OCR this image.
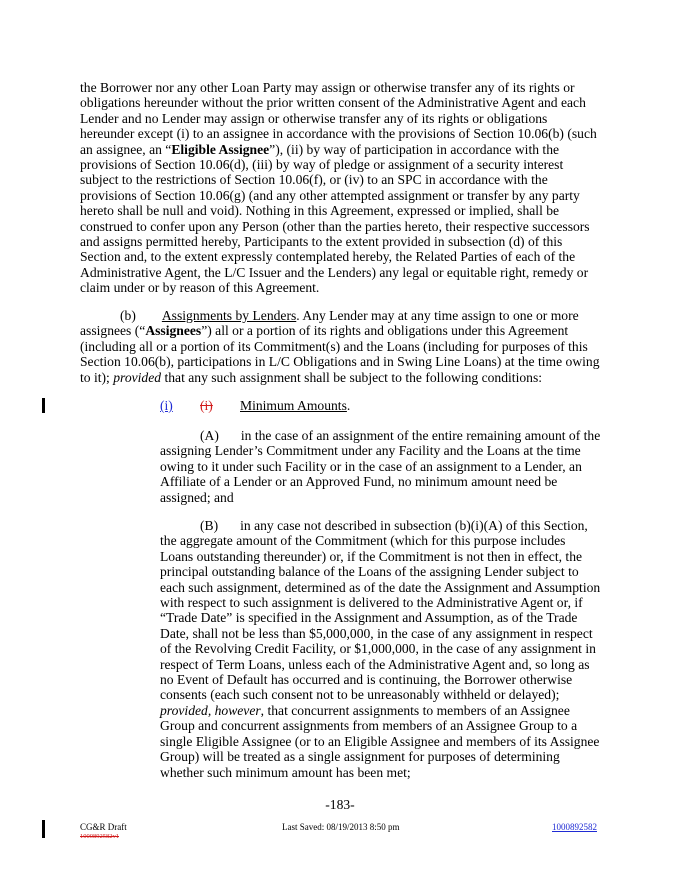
the Borrower nor any other Loan Party may assign or otherwise transfer any of its rights or obligations hereunder without the prior written consent of the Administrative Agent and each Lender and no Lender may assign or otherwise transfer any of its rights or obligations hereunder except (i) to an assignee in accordance with the provisions of Section 10.06(b) (such an assignee, an “Eligible Assignee”), (ii) by way of participation in accordance with the provisions of Section 10.06(d), (iii) by way of pledge or assignment of a security interest subject to the restrictions of Section 10.06(f), or (iv) to an SPC in accordance with the provisions of Section 10.06(g) (and any other attempted assignment or transfer by any party hereto shall be null and void). Nothing in this Agreement, expressed or implied, shall be construed to confer upon any Person (other than the parties hereto, their respective successors and assigns permitted hereby, Participants to the extent provided in subsection (d) of this Section and, to the extent expressly contemplated hereby, the Related Parties of each of the Administrative Agent, the L/C Issuer and the Lenders) any legal or equitable right, remedy or claim under or by reason of this Agreement.

(b) Assignments by Lenders. Any Lender may at any time assign to one or more assignees (“Assignees”) all or a portion of its rights and obligations under this Agreement (including all or a portion of its Commitment(s) and the Loans (including for purposes of this Section 10.06(b), participations in L/C Obligations and in Swing Line Loans) at the time owing to it); provided that any such assignment shall be subject to the following conditions:

(i) (i) Minimum Amounts.

(A) in the case of an assignment of the entire remaining amount of the assigning Lender’s Commitment under any Facility and the Loans at the time owing to it under such Facility or in the case of an assignment to a Lender, an Affiliate of a Lender or an Approved Fund, no minimum amount need be assigned; and

(B) in any case not described in subsection (b)(i)(A) of this Section, the aggregate amount of the Commitment (which for this purpose includes Loans outstanding thereunder) or, if the Commitment is not then in effect, the principal outstanding balance of the Loans of the assigning Lender subject to each such assignment, determined as of the date the Assignment and Assumption with respect to such assignment is delivered to the Administrative Agent or, if “Trade Date” is specified in the Assignment and Assumption, as of the Trade Date, shall not be less than $5,000,000, in the case of any assignment in respect of the Revolving Credit Facility, or $1,000,000, in the case of any assignment in respect of Term Loans, unless each of the Administrative Agent and, so long as no Event of Default has occurred and is continuing, the Borrower otherwise consents (each such consent not to be unreasonably withheld or delayed); provided, however, that concurrent assignments to members of an Assignee Group and concurrent assignments from members of an Assignee Group to a single Eligible Assignee (or to an Eligible Assignee and members of its Assignee Group) will be treated as a single assignment for purposes of determining whether such minimum amount has been met;

-183-
CG&R Draft
1000892582v1
Last Saved: 08/19/2013 8:50 pm	1000892582
